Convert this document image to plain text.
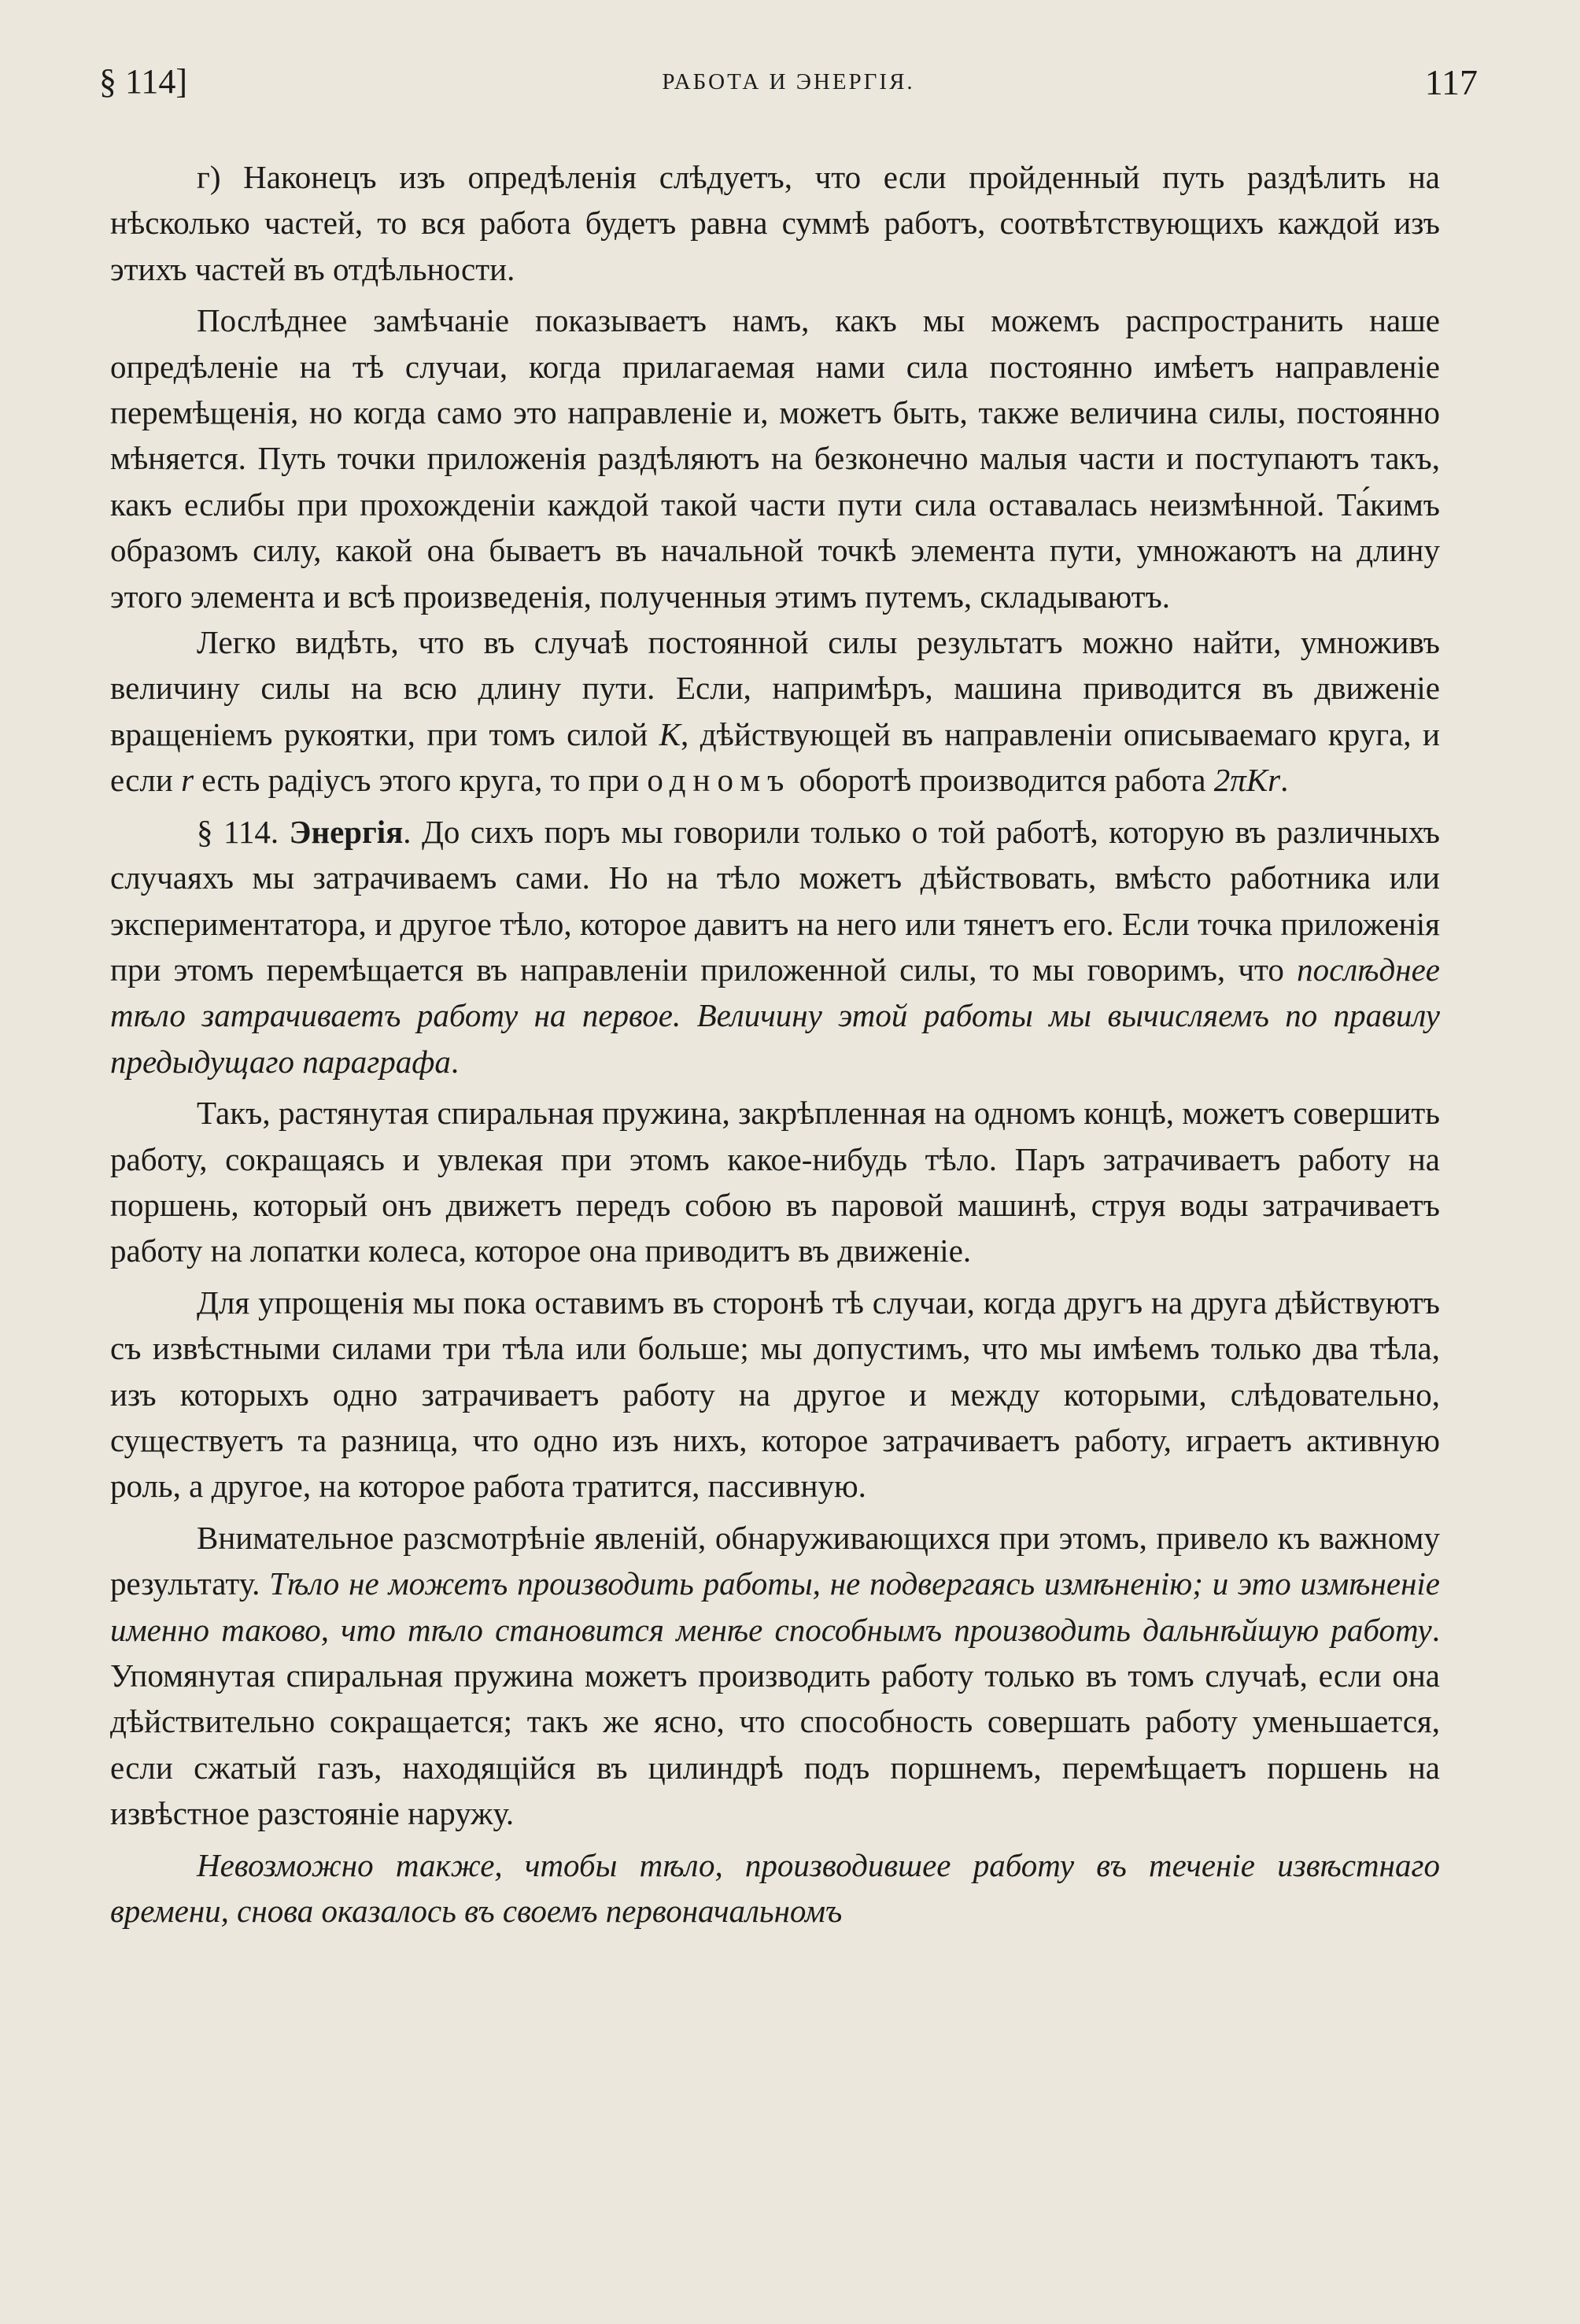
§ 114]	РАБОТА И ЭНЕРГІЯ.	117

г) Наконецъ изъ опредѣленія слѣдуетъ, что если пройденный путь раздѣлить на нѣсколько частей, то вся работа будетъ равна суммѣ работъ, соотвѣтствующихъ каждой изъ этихъ частей въ отдѣльности.

Послѣднее замѣчаніе показываетъ намъ, какъ мы можемъ распространить наше опредѣленіе на тѣ случаи, когда прилагаемая нами сила постоянно имѣетъ направленіе перемѣщенія, но когда само это направленіе и, можетъ быть, также величина силы, постоянно мѣняется. Путь точки приложенія раздѣляютъ на безконечно малыя части и поступаютъ такъ, какъ еслибы при прохожденіи каждой такой части пути сила оставалась неизмѣнной. Та́кимъ образомъ силу, какой она бываетъ въ начальной точкѣ элемента пути, умножаютъ на длину этого элемента и всѣ произведенія, полученныя этимъ путемъ, складываютъ.

Легко видѣть, что въ случаѣ постоянной силы результатъ можно найти, умноживъ величину силы на всю длину пути. Если, напримѣръ, машина приводится въ движеніе вращеніемъ рукоятки, при томъ силой K, дѣйствующей въ направленіи описываемаго круга, и если r есть радіусъ этого круга, то при одномъ оборотѣ производится работа 2πKr.

§ 114. Энергія. До сихъ поръ мы говорили только о той работѣ, которую въ различныхъ случаяхъ мы затрачиваемъ сами. Но на тѣло можетъ дѣйствовать, вмѣсто работника или экспериментатора, и другое тѣло, которое давитъ на него или тянетъ его. Если точка приложенія при этомъ перемѣщается въ направленіи приложенной силы, то мы говоримъ, что послѣднее тѣло затрачиваетъ работу на первое. Величину этой работы мы вычисляемъ по правилу предыдущаго параграфа.

Такъ, растянутая спиральная пружина, закрѣпленная на одномъ концѣ, можетъ совершить работу, сокращаясь и увлекая при этомъ какое-нибудь тѣло. Паръ затрачиваетъ работу на поршень, который онъ движетъ передъ собою въ паровой машинѣ, струя воды затрачиваетъ работу на лопатки колеса, которое она приводитъ въ движеніе.

Для упрощенія мы пока оставимъ въ сторонѣ тѣ случаи, когда другъ на друга дѣйствуютъ съ извѣстными силами три тѣла или больше; мы допустимъ, что мы имѣемъ только два тѣла, изъ которыхъ одно затрачиваетъ работу на другое и между которыми, слѣдовательно, существуетъ та разница, что одно изъ нихъ, которое затрачиваетъ работу, играетъ активную роль, а другое, на которое работа тратится, пассивную.

Внимательное разсмотрѣніе явленій, обнаруживающихся при этомъ, привело къ важному результату. Тѣло не можетъ производить работы, не подвергаясь измѣненію; и это измѣненіе именно таково, что тѣло становится менѣе способнымъ производить дальнѣйшую работу. Упомянутая спиральная пружина можетъ производить работу только въ томъ случаѣ, если она дѣйствительно сокращается; такъ же ясно, что способность совершать работу уменьшается, если сжатый газъ, находящійся въ цилиндрѣ подъ поршнемъ, перемѣщаетъ поршень на извѣстное разстояніе наружу.

Невозможно также, чтобы тѣло, производившее работу въ теченіе извѣстнаго времени, снова оказалось въ своемъ первоначальномъ
